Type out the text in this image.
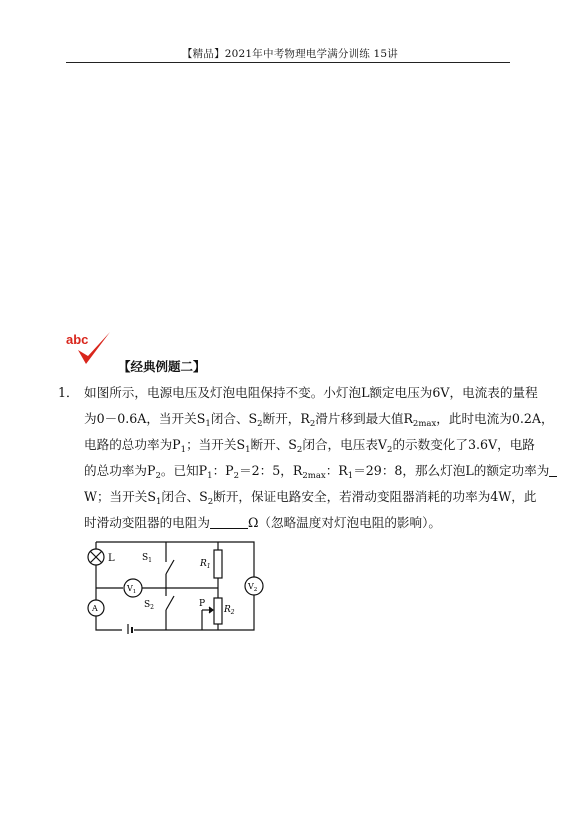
【精品】2021年中考物理电学满分训练 15讲
abc
【经典例题二】
1． 如图所示，电源电压及灯泡电阻保持不变。小灯泡L额定电压为6V，电流表的量程
为0－0.6A，当开关$S_1$闭合、$S_2$断开，$R_2$滑片移到最大值$R_{2max}$，此时电流为0.2A，
电路的总功率为$P_1$；当开关$S_1$断开、$S_2$闭合，电压表$V_2$的示数变化了3.6V，电路
的总功率为$P_2$。已知$P_1$：$P_2=2$：5，$R_{2max}$：$R_1=29$：8，那么灯泡L的额定功率为
W；当开关$S_1$闭合、$S_2$断开，保证电路安全，若滑动变阻器消耗的功率为4W，此
时滑动变阻器的电阻为	Ω（忽略温度对灯泡电阻的影响）。
L	$S_1$
$S_2$
$R_1$
$R_2$
P
$V_1$
$V_2$
A
